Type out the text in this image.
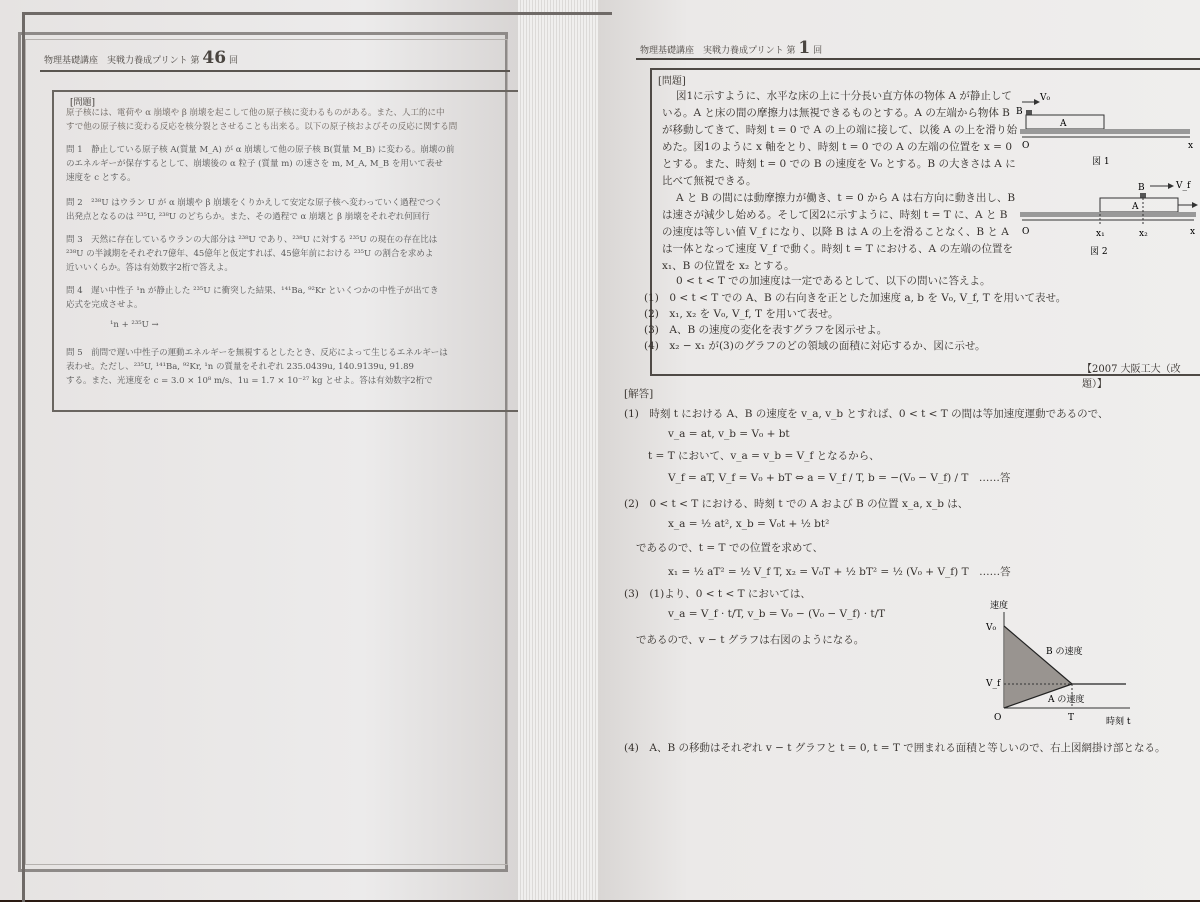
物理基礎講座　実戦力養成プリント 第 46 回
[問題]
原子核には、電荷や α 崩壊や β 崩壊を起こして他の原子核に変わるものがある。また、人工的に中
すで他の原子核に変わる反応を核分裂とさせることも出来る。以下の原子核およびその反応に関する問
問 1　静止している原子核 A(質量 M_A) が α 崩壊して他の原子核 B(質量 M_B) に変わる。崩壊の前
のエネルギーが保存するとして、崩壊後の α 粒子 (質量 m) の速さを m, M_A, M_B を用いて表せ
速度を c とする。
問 2　²³⁸U はウラン U が α 崩壊や β 崩壊をくりかえして安定な原子核へ変わっていく過程でつく
出発点となるのは ²³⁵U, ²³⁸U のどちらか。また、その過程で α 崩壊と β 崩壊をそれぞれ何回行
問 3　天然に存在しているウランの大部分は ²³⁸U であり、²³⁸U に対する ²³⁵U の現在の存在比は
²³⁸U の半減期をそれぞれ7億年、45億年と仮定すれば、45億年前における ²³⁵U の割合を求めよ
近いいくらか。答は有効数字2桁で答えよ。
問 4　遅い中性子 ¹n が静止した ²³⁵U に衝突した結果、¹⁴¹Ba, ⁹²Kr といくつかの中性子が出てき
応式を完成させよ。
¹n + ²³⁵U →
問 5　前問で遅い中性子の運動エネルギーを無視するとしたとき、反応によって生じるエネルギーは
表わせ。ただし、²³⁵U, ¹⁴¹Ba, ⁹²Kr, ¹n の質量をそれぞれ 235.0439u, 140.9139u, 91.89
する。また、光速度を c = 3.0 × 10⁸ m/s、1u = 1.7 × 10⁻²⁷ kg とせよ。答は有効数字2桁で
物理基礎講座　実戦力養成プリント 第 1 回
[問題]
図1に示すように、水平な床の上に十分長い直方体の物体 A が静止して
いる。A と床の間の摩擦力は無視できるものとする。A の左端から物体 B
が移動してきて、時刻 t = 0 で A の上の端に接して、以後 A の上を滑り始
めた。図1のように x 軸をとり、時刻 t = 0 での A の左端の位置を x = 0
とする。また、時刻 t = 0 での B の速度を V₀ とする。B の大きさは A に
比べて無視できる。
A と B の間には動摩擦力が働き、t = 0 から A は右方向に動き出し、B
は速さが減少し始める。そして図2に示すように、時刻 t = T に、A と B
の速度は等しい値 V_f になり、以降 B は A の上を滑ることなく、B と A
は一体となって速度 V_f で動く。時刻 t = T における、A の左端の位置を
x₁、B の位置を x₂ とする。
0 < t < T での加速度は一定であるとして、以下の問いに答えよ。
(1)　0 < t < T での A、B の右向きを正とした加速度 a, b を V₀, V_f, T を用いて表せ。
(2)　x₁, x₂ を V₀, V_f, T を用いて表せ。
(3)　A、B の速度の変化を表すグラフを図示せよ。
(4)　x₂ − x₁ が(3)のグラフのどの領域の面積に対応するか、図に示せ。
【2007 大阪工大（改題）】
V₀
B
A
O	x
図 1
B	V_f
A
O	x₁	x₂	x
図 2
[解答]
(1)　時刻 t における A、B の速度を v_a, v_b とすれば、0 < t < T の間は等加速度運動であるので、
v_a = at, v_b = V₀ + bt
t = T において、v_a = v_b = V_f となるから、
V_f = aT, V_f = V₀ + bT ⇔ a = V_f / T, b = −(V₀ − V_f) / T　……答
(2)　0 < t < T における、時刻 t での A および B の位置 x_a, x_b は、
x_a = ½ at², x_b = V₀t + ½ bt²
であるので、t = T での位置を求めて、
x₁ = ½ aT² = ½ V_f T, x₂ = V₀T + ½ bT² = ½ (V₀ + V_f) T　……答
(3)　(1)より、0 < t < T においては、
v_a = V_f · t/T, v_b = V₀ − (V₀ − V_f) · t/T
であるので、v − t グラフは右図のようになる。
(4)　A、B の移動はそれぞれ v − t グラフと t = 0, t = T で囲まれる面積と等しいので、右上図網掛け部となる。
速度
V₀
V_f
O	T	時刻 t
B の速度
A の速度
